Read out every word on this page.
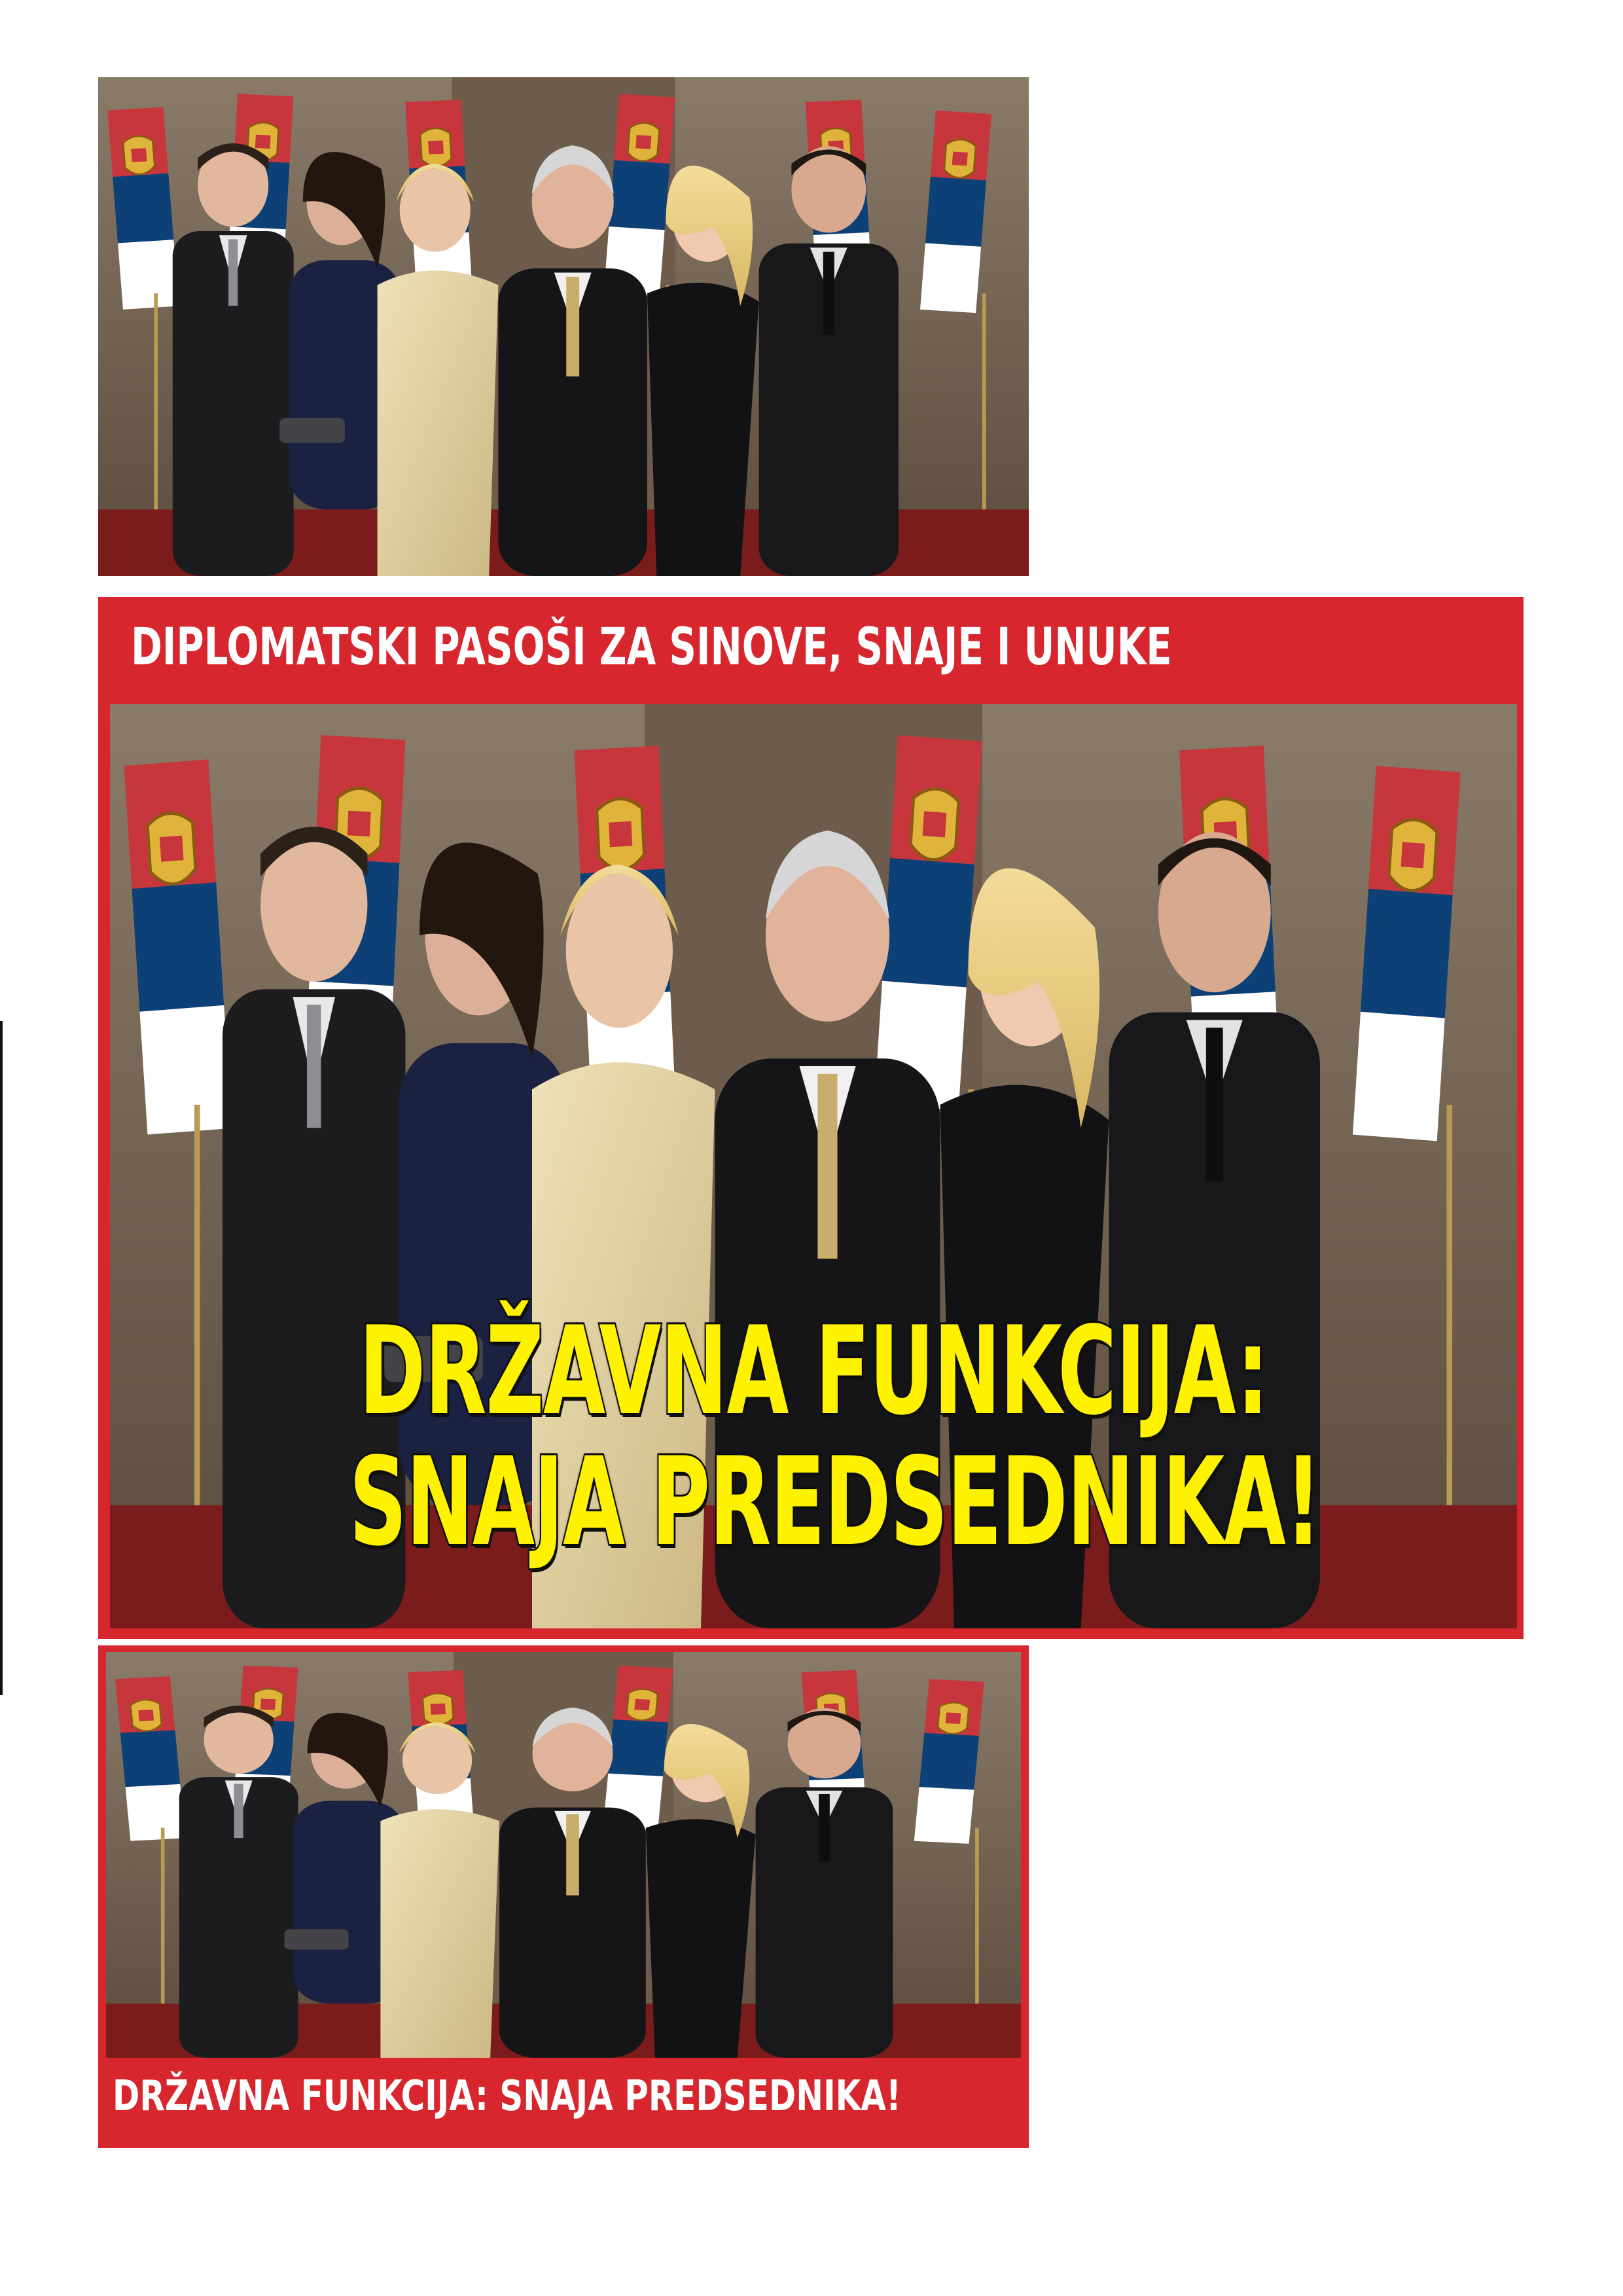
DIPLOMATSKI PASOŠI ZA SINOVE, SNAJE I UNUKE
DRŽAVNA FUNKCIJA:
SNAJA PREDSEDNIKA!
DRŽAVNA FUNKCIJA: SNAJA PREDSEDNIKA!
